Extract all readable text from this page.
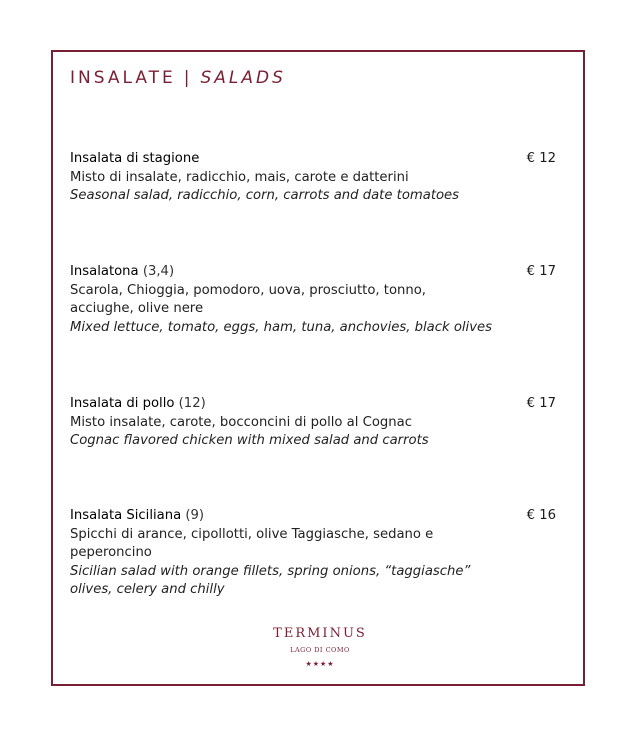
INSALATE | SALADS
Insalata di stagione	€ 12
Misto di insalate, radicchio, mais, carote e datterini
Seasonal salad, radicchio, corn, carrots and date tomatoes
Insalatona (3,4)	€ 17
Scarola, Chioggia, pomodoro, uova, prosciutto, tonno, acciughe, olive nere
Mixed lettuce, tomato, eggs, ham, tuna, anchovies, black olives
Insalata di pollo (12)	€ 17
Misto insalate, carote, bocconcini di pollo al Cognac
Cognac flavored chicken with mixed salad and carrots
Insalata Siciliana (9)	€ 16
Spicchi di arance, cipollotti, olive Taggiasche, sedano e peperoncino
Sicilian salad with orange fillets, spring onions, “taggiasche” olives, celery and chilly
TERMINUS
LAGO DI COMO
★★★★
